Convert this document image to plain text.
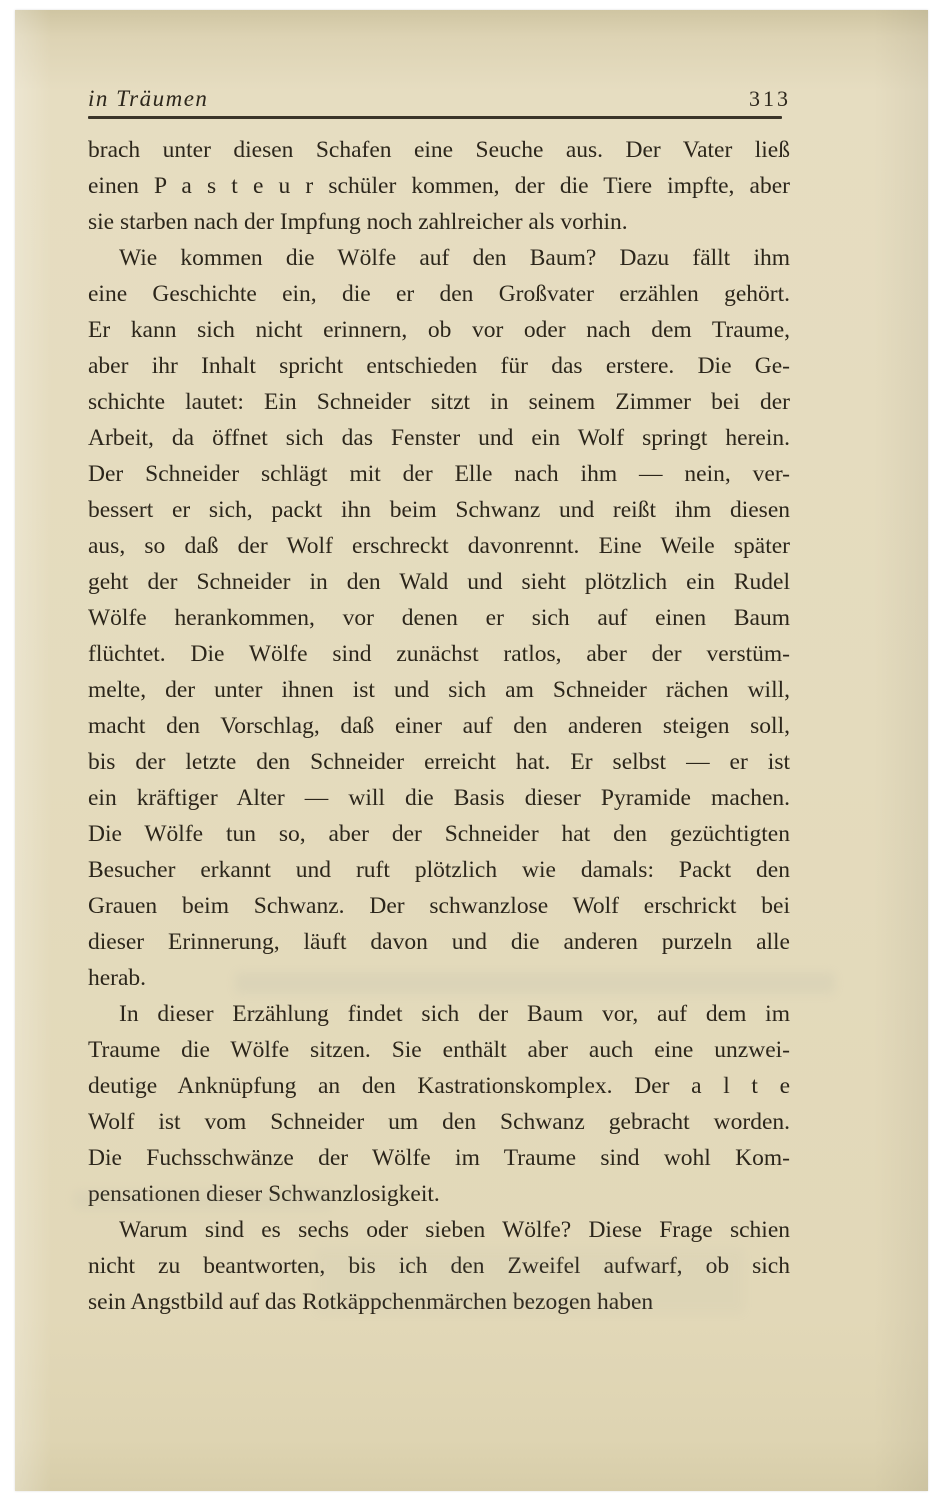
in Träumen	313
brach unter diesen Schafen eine Seuche aus. Der Vater ließ
einen P a s t e u r schüler kommen, der die Tiere impfte, aber
sie starben nach der Impfung noch zahlreicher als vorhin.
Wie kommen die Wölfe auf den Baum? Dazu fällt ihm
eine Geschichte ein, die er den Großvater erzählen gehört.
Er kann sich nicht erinnern, ob vor oder nach dem Traume,
aber ihr Inhalt spricht entschieden für das erstere. Die Ge-
schichte lautet: Ein Schneider sitzt in seinem Zimmer bei der
Arbeit, da öffnet sich das Fenster und ein Wolf springt herein.
Der Schneider schlägt mit der Elle nach ihm — nein, ver-
bessert er sich, packt ihn beim Schwanz und reißt ihm diesen
aus, so daß der Wolf erschreckt davonrennt. Eine Weile später
geht der Schneider in den Wald und sieht plötzlich ein Rudel
Wölfe herankommen, vor denen er sich auf einen Baum
flüchtet. Die Wölfe sind zunächst ratlos, aber der verstüm-
melte, der unter ihnen ist und sich am Schneider rächen will,
macht den Vorschlag, daß einer auf den anderen steigen soll,
bis der letzte den Schneider erreicht hat. Er selbst — er ist
ein kräftiger Alter — will die Basis dieser Pyramide machen.
Die Wölfe tun so, aber der Schneider hat den gezüchtigten
Besucher erkannt und ruft plötzlich wie damals: Packt den
Grauen beim Schwanz. Der schwanzlose Wolf erschrickt bei
dieser Erinnerung, läuft davon und die anderen purzeln alle
herab.
In dieser Erzählung findet sich der Baum vor, auf dem im
Traume die Wölfe sitzen. Sie enthält aber auch eine unzwei-
deutige Anknüpfung an den Kastrationskomplex. Der a l t e
Wolf ist vom Schneider um den Schwanz gebracht worden.
Die Fuchsschwänze der Wölfe im Traume sind wohl Kom-
pensationen dieser Schwanzlosigkeit.
Warum sind es sechs oder sieben Wölfe? Diese Frage schien
nicht zu beantworten, bis ich den Zweifel aufwarf, ob sich
sein Angstbild auf das Rotkäppchenmärchen bezogen haben
